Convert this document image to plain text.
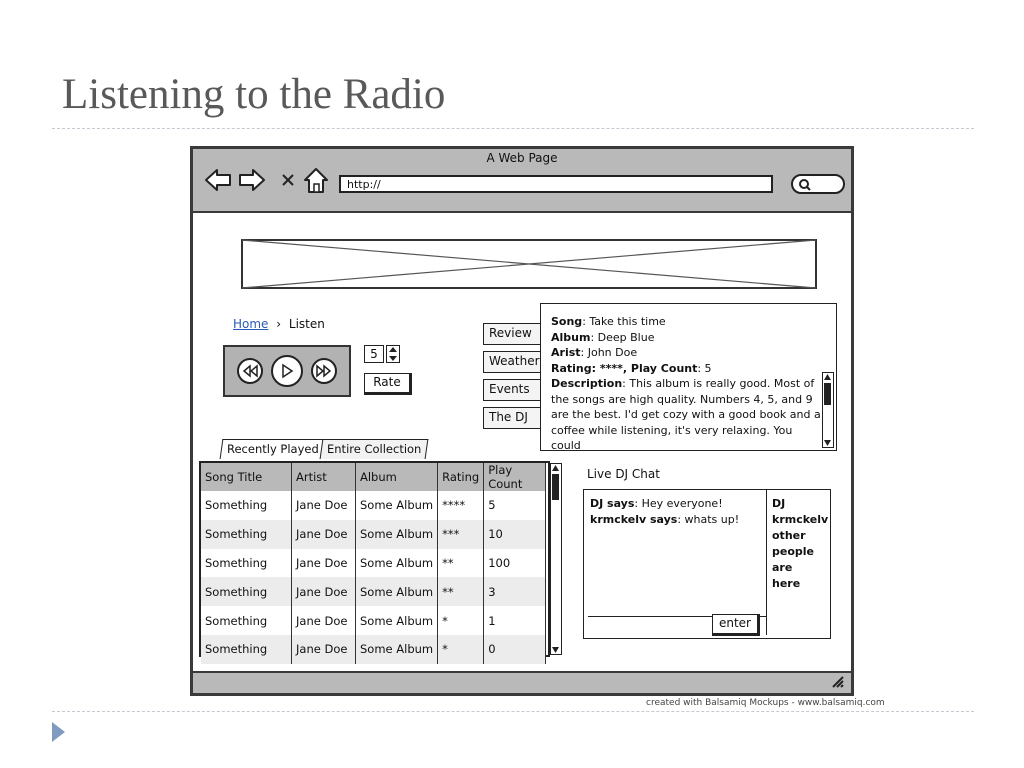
Listening to the Radio
A Web Page
http://
Home › Listen
5
Rate
Review
Weather
Events
The DJ
Song: Take this time
Album: Deep Blue
Arist: John Doe
Rating: ****, Play Count: 5
Description: This album is really good. Most of the songs are high quality. Numbers 4, 5, and 9 are the best. I'd get cozy with a good book and a coffee while listening, it's very relaxing. You could
Recently Played Entire Collection
Song Title	Artist	Album	Rating	Play Count
Something	Jane Doe	Some Album	****	5
Something	Jane Doe	Some Album	***	10
Something	Jane Doe	Some Album	**	100
Something	Jane Doe	Some Album	**	3
Something	Jane Doe	Some Album	*	1
Something	Jane Doe	Some Album	*	0
Live DJ Chat
DJ says: Hey everyone!
krmckelv says: whats up!
enter
DJ
krmckelv
other
people
are
here
created with Balsamiq Mockups - www.balsamiq.com
